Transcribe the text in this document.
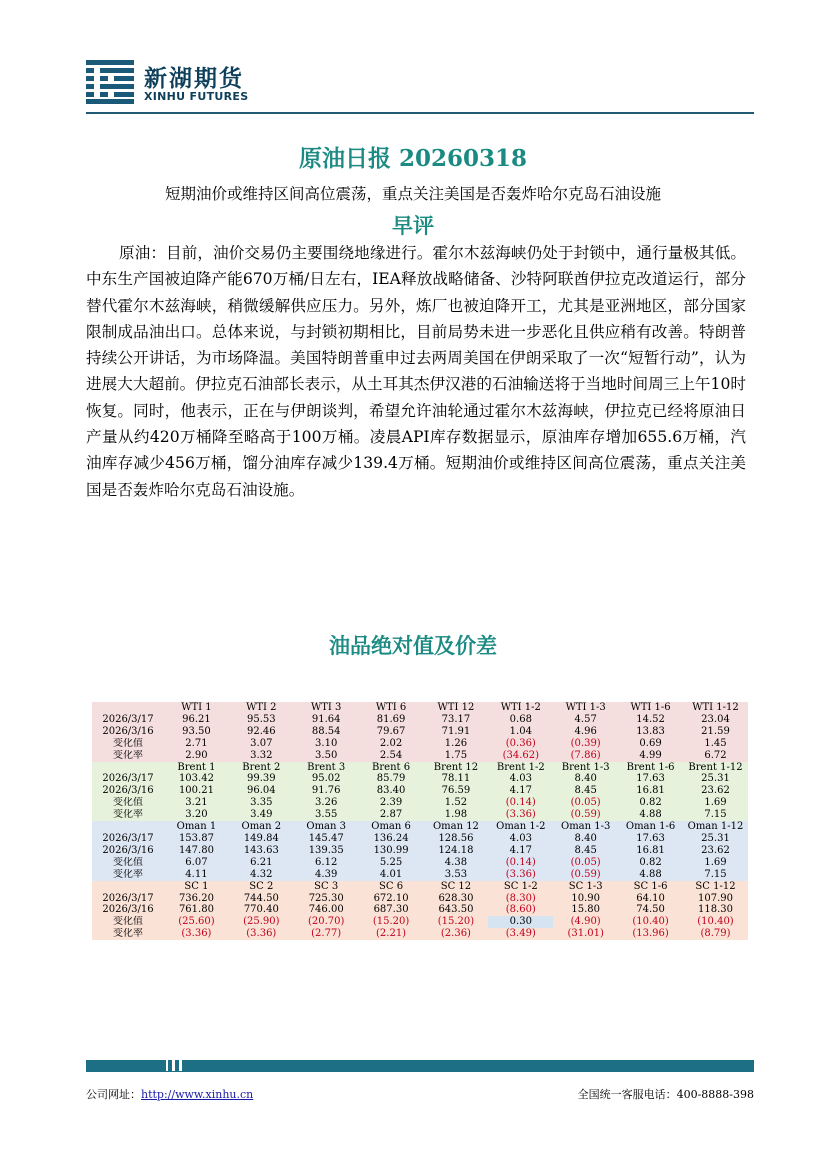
新湖期货
XINHU FUTURES
原油日报 20260318
短期油价或维持区间高位震荡，重点关注美国是否轰炸哈尔克岛石油设施
早评
原油：目前，油价交易仍主要围绕地缘进行。霍尔木兹海峡仍处于封锁中，通行量极其低。中东生产国被迫降产能670万桶/日左右，IEA释放战略储备、沙特阿联酋伊拉克改道运行，部分替代霍尔木兹海峡，稍微缓解供应压力。另外，炼厂也被迫降开工，尤其是亚洲地区，部分国家限制成品油出口。总体来说，与封锁初期相比，目前局势未进一步恶化且供应稍有改善。特朗普持续公开讲话，为市场降温。美国特朗普重申过去两周美国在伊朗采取了一次“短暂行动”，认为进展大大超前。伊拉克石油部长表示，从土耳其杰伊汉港的石油输送将于当地时间周三上午10时恢复。同时，他表示，正在与伊朗谈判，希望允许油轮通过霍尔木兹海峡，伊拉克已经将原油日产量从约420万桶降至略高于100万桶。凌晨API库存数据显示，原油库存增加655.6万桶，汽油库存减少456万桶，馏分油库存减少139.4万桶。短期油价或维持区间高位震荡，重点关注美国是否轰炸哈尔克岛石油设施。
油品绝对值及价差
	WTI 1	WTI 2	WTI 3	WTI 6	WTI 12	WTI 1-2	WTI 1-3	WTI 1-6	WTI 1-12
2026/3/17	96.21	95.53	91.64	81.69	73.17	0.68	4.57	14.52	23.04
2026/3/16	93.50	92.46	88.54	79.67	71.91	1.04	4.96	13.83	21.59
变化值	2.71	3.07	3.10	2.02	1.26	(0.36)	(0.39)	0.69	1.45
变化率	2.90	3.32	3.50	2.54	1.75	(34.62)	(7.86)	4.99	6.72
	Brent 1	Brent 2	Brent 3	Brent 6	Brent 12	Brent 1-2	Brent 1-3	Brent 1-6	Brent 1-12
2026/3/17	103.42	99.39	95.02	85.79	78.11	4.03	8.40	17.63	25.31
2026/3/16	100.21	96.04	91.76	83.40	76.59	4.17	8.45	16.81	23.62
变化值	3.21	3.35	3.26	2.39	1.52	(0.14)	(0.05)	0.82	1.69
变化率	3.20	3.49	3.55	2.87	1.98	(3.36)	(0.59)	4.88	7.15
	Oman 1	Oman 2	Oman 3	Oman 6	Oman 12	Oman 1-2	Oman 1-3	Oman 1-6	Oman 1-12
2026/3/17	153.87	149.84	145.47	136.24	128.56	4.03	8.40	17.63	25.31
2026/3/16	147.80	143.63	139.35	130.99	124.18	4.17	8.45	16.81	23.62
变化值	6.07	6.21	6.12	5.25	4.38	(0.14)	(0.05)	0.82	1.69
变化率	4.11	4.32	4.39	4.01	3.53	(3.36)	(0.59)	4.88	7.15
	SC 1	SC 2	SC 3	SC 6	SC 12	SC 1-2	SC 1-3	SC 1-6	SC 1-12
2026/3/17	736.20	744.50	725.30	672.10	628.30	(8.30)	10.90	64.10	107.90
2026/3/16	761.80	770.40	746.00	687.30	643.50	(8.60)	15.80	74.50	118.30
变化值	(25.60)	(25.90)	(20.70)	(15.20)	(15.20)	0.30	(4.90)	(10.40)	(10.40)
变化率	(3.36)	(3.36)	(2.77)	(2.21)	(2.36)	(3.49)	(31.01)	(13.96)	(8.79)
公司网址：http://www.xinhu.cn	全国统一客服电话：400-8888-398
